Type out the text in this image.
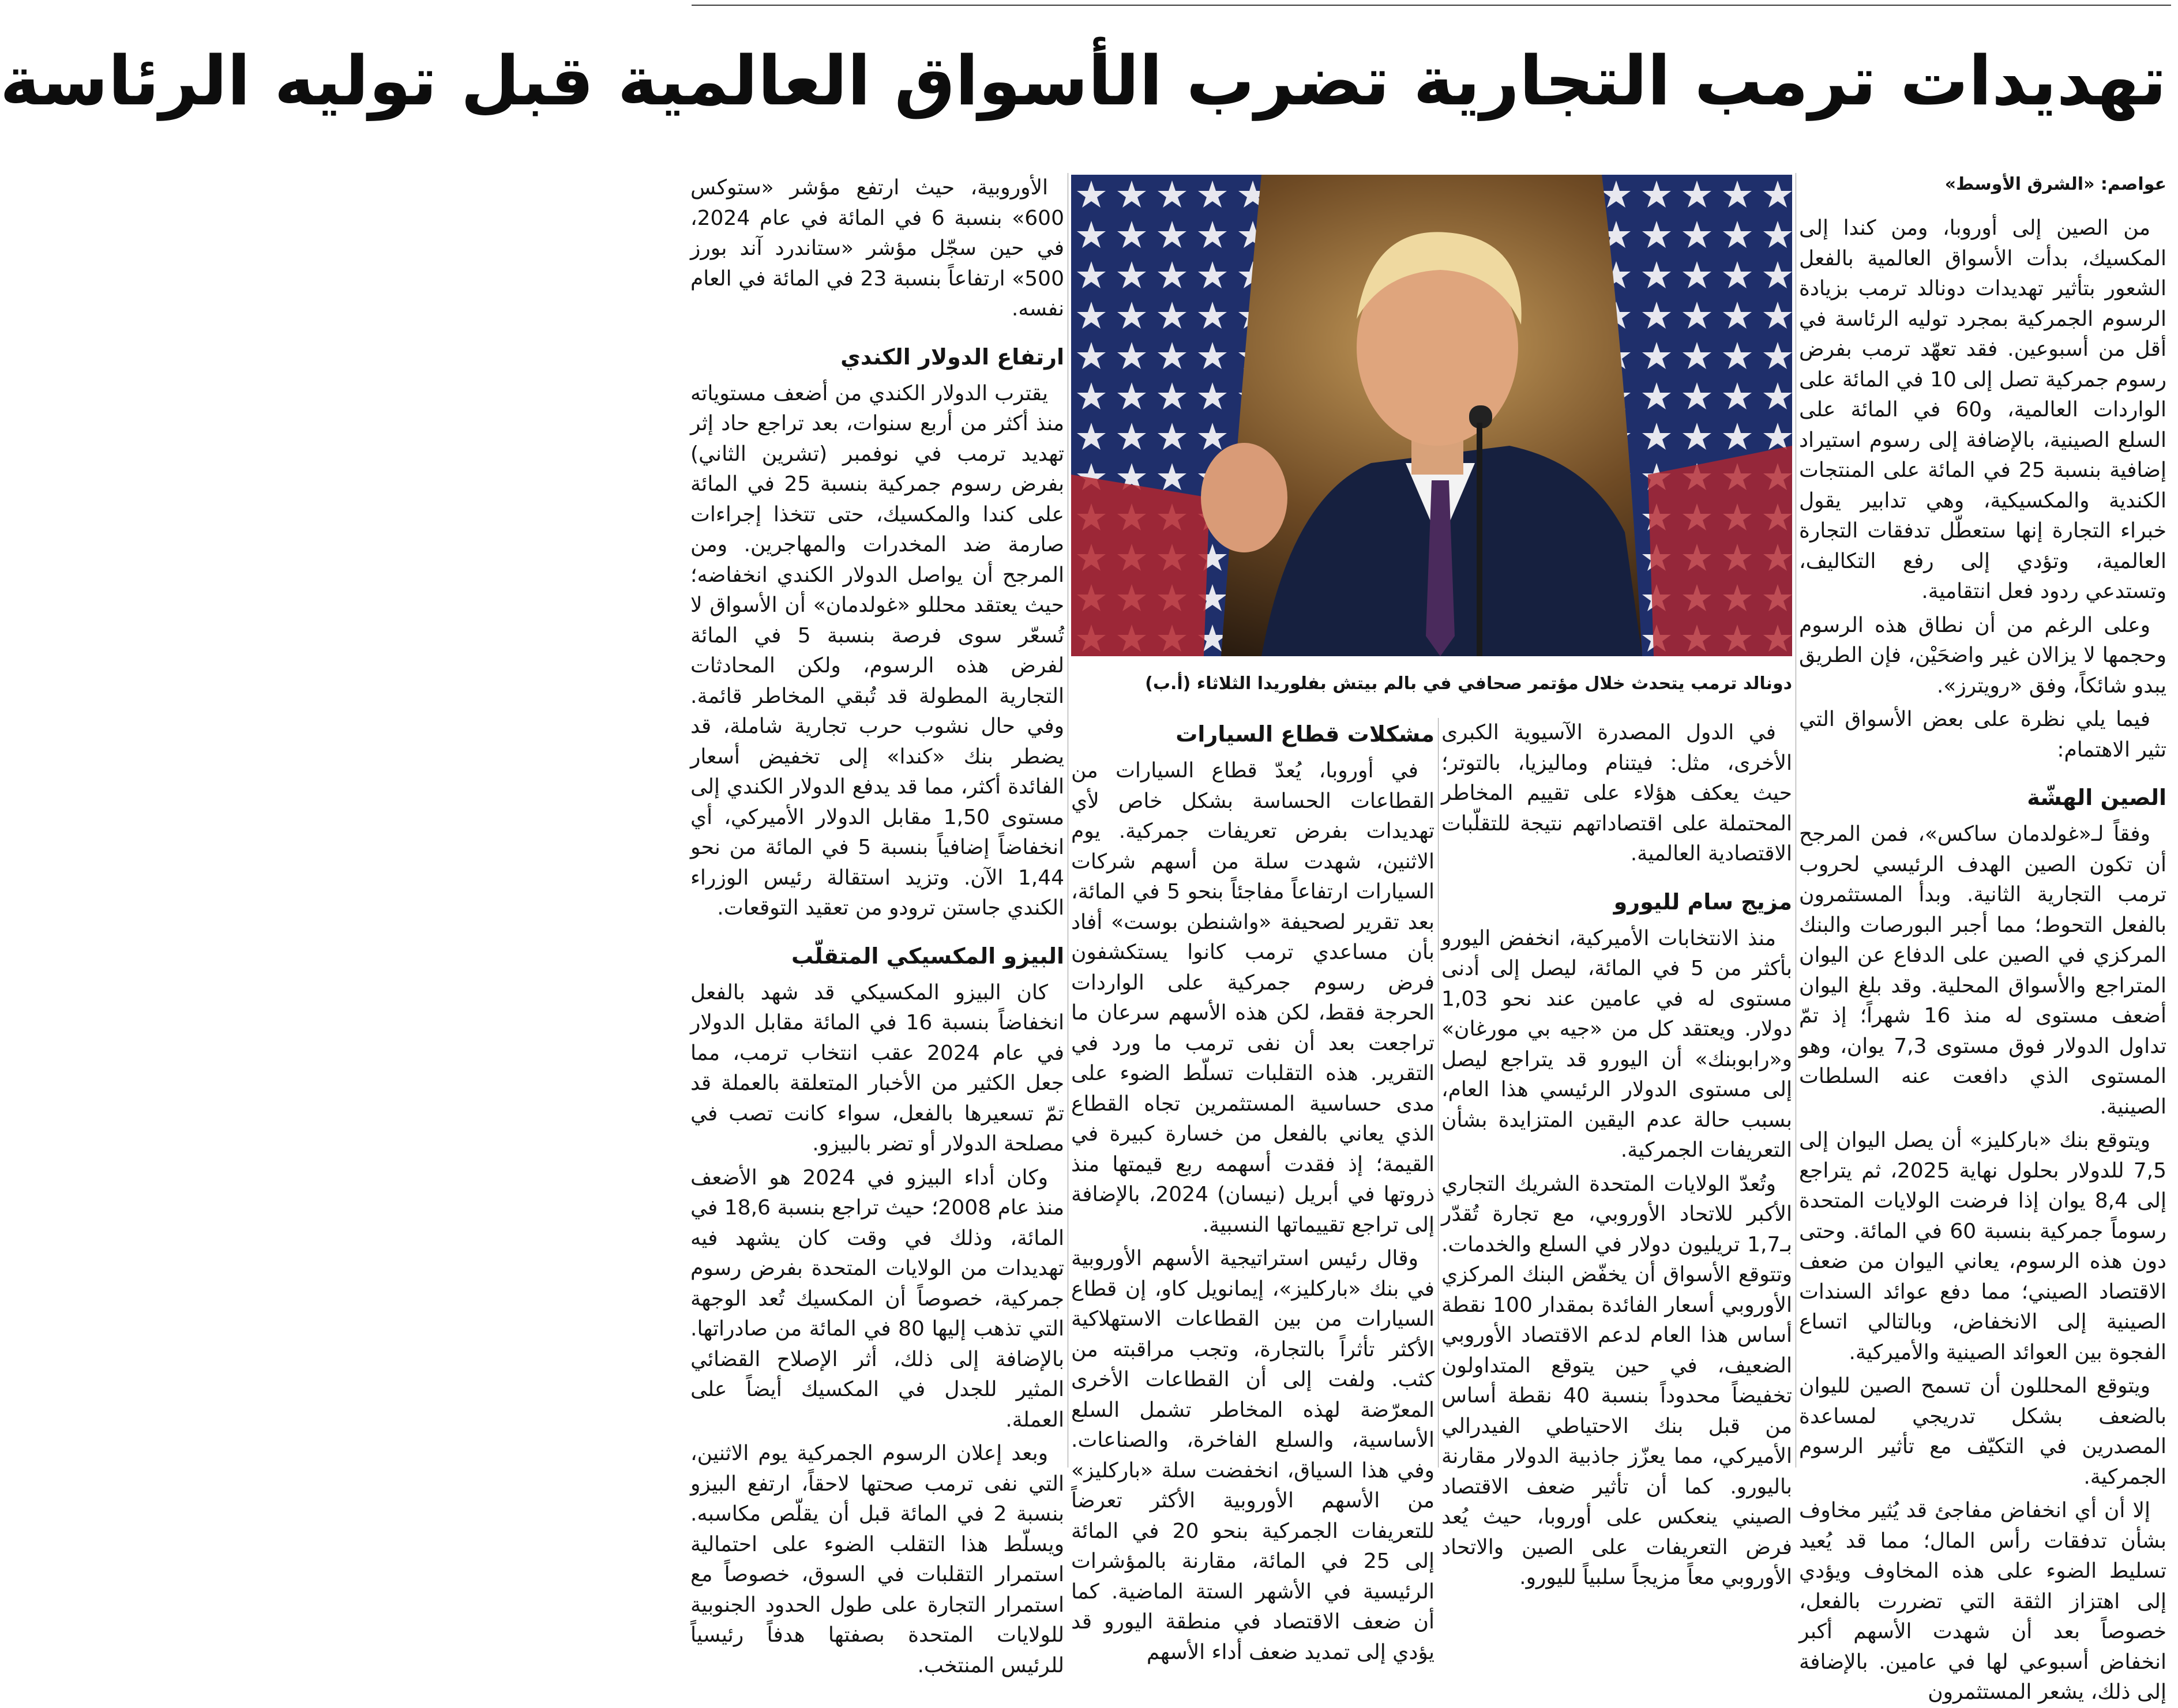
تهديدات ترمب التجارية تضرب الأسواق العالمية قبل توليه الرئاسة
عواصم: «الشرق الأوسط»

من الصين إلى أوروبا، ومن كندا إلى المكسيك، بدأت الأسواق العالمية بالفعل الشعور بتأثير تهديدات دونالد ترمب بزيادة الرسوم الجمركية بمجرد توليه الرئاسة في أقل من أسبوعين. فقد تعهّد ترمب بفرض رسوم جمركية تصل إلى 10 في المائة على الواردات العالمية، و60 في المائة على السلع الصينية، بالإضافة إلى رسوم استيراد إضافية بنسبة 25 في المائة على المنتجات الكندية والمكسيكية، وهي تدابير يقول خبراء التجارة إنها ستعطّل تدفقات التجارة العالمية، وتؤدي إلى رفع التكاليف، وتستدعي ردود فعل انتقامية.

وعلى الرغم من أن نطاق هذه الرسوم وحجمها لا يزالان غير واضحَيْن، فإن الطريق يبدو شائكاً، وفق «رويترز».

فيما يلي نظرة على بعض الأسواق التي تثير الاهتمام:

الصين الهشّة

وفقاً لـ«غولدمان ساكس»، فمن المرجح أن تكون الصين الهدف الرئيسي لحروب ترمب التجارية الثانية. وبدأ المستثمرون بالفعل التحوط؛ مما أجبر البورصات والبنك المركزي في الصين على الدفاع عن اليوان المتراجع والأسواق المحلية. وقد بلغ اليوان أضعف مستوى له منذ 16 شهراً؛ إذ تمّ تداول الدولار فوق مستوى 7,3 يوان، وهو المستوى الذي دافعت عنه السلطات الصينية.

ويتوقع بنك «باركليز» أن يصل اليوان إلى 7,5 للدولار بحلول نهاية 2025، ثم يتراجع إلى 8,4 يوان إذا فرضت الولايات المتحدة رسوماً جمركية بنسبة 60 في المائة. وحتى دون هذه الرسوم، يعاني اليوان من ضعف الاقتصاد الصيني؛ مما دفع عوائد السندات الصينية إلى الانخفاض، وبالتالي اتساع الفجوة بين العوائد الصينية والأميركية.

ويتوقع المحللون أن تسمح الصين لليوان بالضعف بشكل تدريجي لمساعدة المصدرين في التكيّف مع تأثير الرسوم الجمركية.

إلا أن أي انخفاض مفاجئ قد يُثير مخاوف بشأن تدفقات رأس المال؛ مما قد يُعيد تسليط الضوء على هذه المخاوف ويؤدي إلى اهتزاز الثقة التي تضررت بالفعل، خصوصاً بعد أن شهدت الأسهم أكبر انخفاض أسبوعي لها في عامين. بالإضافة إلى ذلك، يشعر المستثمرون

دونالد ترمب يتحدث خلال مؤتمر صحافي في بالم بيتش بفلوريدا الثلاثاء (أ.ب)

في الدول المصدرة الآسيوية الكبرى الأخرى، مثل: فيتنام وماليزيا، بالتوتر؛ حيث يعكف هؤلاء على تقييم المخاطر المحتملة على اقتصاداتهم نتيجة للتقلّبات الاقتصادية العالمية.

مزيج سام لليورو

منذ الانتخابات الأميركية، انخفض اليورو بأكثر من 5 في المائة، ليصل إلى أدنى مستوى له في عامين عند نحو 1,03 دولار. ويعتقد كل من «جيه بي مورغان» و«رابوبنك» أن اليورو قد يتراجع ليصل إلى مستوى الدولار الرئيسي هذا العام، بسبب حالة عدم اليقين المتزايدة بشأن التعريفات الجمركية.

وتُعدّ الولايات المتحدة الشريك التجاري الأكبر للاتحاد الأوروبي، مع تجارة تُقدّر بـ1,7 تريليون دولار في السلع والخدمات. وتتوقع الأسواق أن يخفّض البنك المركزي الأوروبي أسعار الفائدة بمقدار 100 نقطة أساس هذا العام لدعم الاقتصاد الأوروبي الضعيف، في حين يتوقع المتداولون تخفيضاً محدوداً بنسبة 40 نقطة أساس من قبل بنك الاحتياطي الفيدرالي الأميركي، مما يعزّز جاذبية الدولار مقارنة باليورو. كما أن تأثير ضعف الاقتصاد الصيني ينعكس على أوروبا، حيث يُعد فرض التعريفات على الصين والاتحاد الأوروبي معاً مزيجاً سلبياً لليورو.

مشكلات قطاع السيارات

في أوروبا، يُعدّ قطاع السيارات من القطاعات الحساسة بشكل خاص لأي تهديدات بفرض تعريفات جمركية. يوم الاثنين، شهدت سلة من أسهم شركات السيارات ارتفاعاً مفاجئاً بنحو 5 في المائة، بعد تقرير لصحيفة «واشنطن بوست» أفاد بأن مساعدي ترمب كانوا يستكشفون فرض رسوم جمركية على الواردات الحرجة فقط، لكن هذه الأسهم سرعان ما تراجعت بعد أن نفى ترمب ما ورد في التقرير. هذه التقلبات تسلّط الضوء على مدى حساسية المستثمرين تجاه القطاع الذي يعاني بالفعل من خسارة كبيرة في القيمة؛ إذ فقدت أسهمه ربع قيمتها منذ ذروتها في أبريل (نيسان) 2024، بالإضافة إلى تراجع تقييماتها النسبية.

وقال رئيس استراتيجية الأسهم الأوروبية في بنك «باركليز»، إيمانويل كاو، إن قطاع السيارات من بين القطاعات الاستهلاكية الأكثر تأثراً بالتجارة، وتجب مراقبته من كثب. ولفت إلى أن القطاعات الأخرى المعرّضة لهذه المخاطر تشمل السلع الأساسية، والسلع الفاخرة، والصناعات. وفي هذا السياق، انخفضت سلة «باركليز» من الأسهم الأوروبية الأكثر تعرضاً للتعريفات الجمركية بنحو 20 في المائة إلى 25 في المائة، مقارنة بالمؤشرات الرئيسية في الأشهر الستة الماضية. كما أن ضعف الاقتصاد في منطقة اليورو قد يؤدي إلى تمديد ضعف أداء الأسهم

الأوروبية، حيث ارتفع مؤشر «ستوكس 600» بنسبة 6 في المائة في عام 2024، في حين سجّل مؤشر «ستاندرد آند بورز 500» ارتفاعاً بنسبة 23 في المائة في العام نفسه.

ارتفاع الدولار الكندي

يقترب الدولار الكندي من أضعف مستوياته منذ أكثر من أربع سنوات، بعد تراجع حاد إثر تهديد ترمب في نوفمبر (تشرين الثاني) بفرض رسوم جمركية بنسبة 25 في المائة على كندا والمكسيك، حتى تتخذا إجراءات صارمة ضد المخدرات والمهاجرين. ومن المرجح أن يواصل الدولار الكندي انخفاضه؛ حيث يعتقد محللو «غولدمان» أن الأسواق لا تُسعّر سوى فرصة بنسبة 5 في المائة لفرض هذه الرسوم، ولكن المحادثات التجارية المطولة قد تُبقي المخاطر قائمة. وفي حال نشوب حرب تجارية شاملة، قد يضطر بنك «كندا» إلى تخفيض أسعار الفائدة أكثر، مما قد يدفع الدولار الكندي إلى مستوى 1,50 مقابل الدولار الأميركي، أي انخفاضاً إضافياً بنسبة 5 في المائة من نحو 1,44 الآن. وتزيد استقالة رئيس الوزراء الكندي جاستن ترودو من تعقيد التوقعات.

البيزو المكسيكي المتقلّب

كان البيزو المكسيكي قد شهد بالفعل انخفاضاً بنسبة 16 في المائة مقابل الدولار في عام 2024 عقب انتخاب ترمب، مما جعل الكثير من الأخبار المتعلقة بالعملة قد تمّ تسعيرها بالفعل، سواء كانت تصب في مصلحة الدولار أو تضر بالبيزو.

وكان أداء البيزو في 2024 هو الأضعف منذ عام 2008؛ حيث تراجع بنسبة 18,6 في المائة، وذلك في وقت كان يشهد فيه تهديدات من الولايات المتحدة بفرض رسوم جمركية، خصوصاً أن المكسيك تُعد الوجهة التي تذهب إليها 80 في المائة من صادراتها. بالإضافة إلى ذلك، أثر الإصلاح القضائي المثير للجدل في المكسيك أيضاً على العملة.

وبعد إعلان الرسوم الجمركية يوم الاثنين، التي نفى ترمب صحتها لاحقاً، ارتفع البيزو بنسبة 2 في المائة قبل أن يقلّص مكاسبه. ويسلّط هذا التقلب الضوء على احتمالية استمرار التقلبات في السوق، خصوصاً مع استمرار التجارة على طول الحدود الجنوبية للولايات المتحدة بصفتها هدفاً رئيسياً للرئيس المنتخب.
